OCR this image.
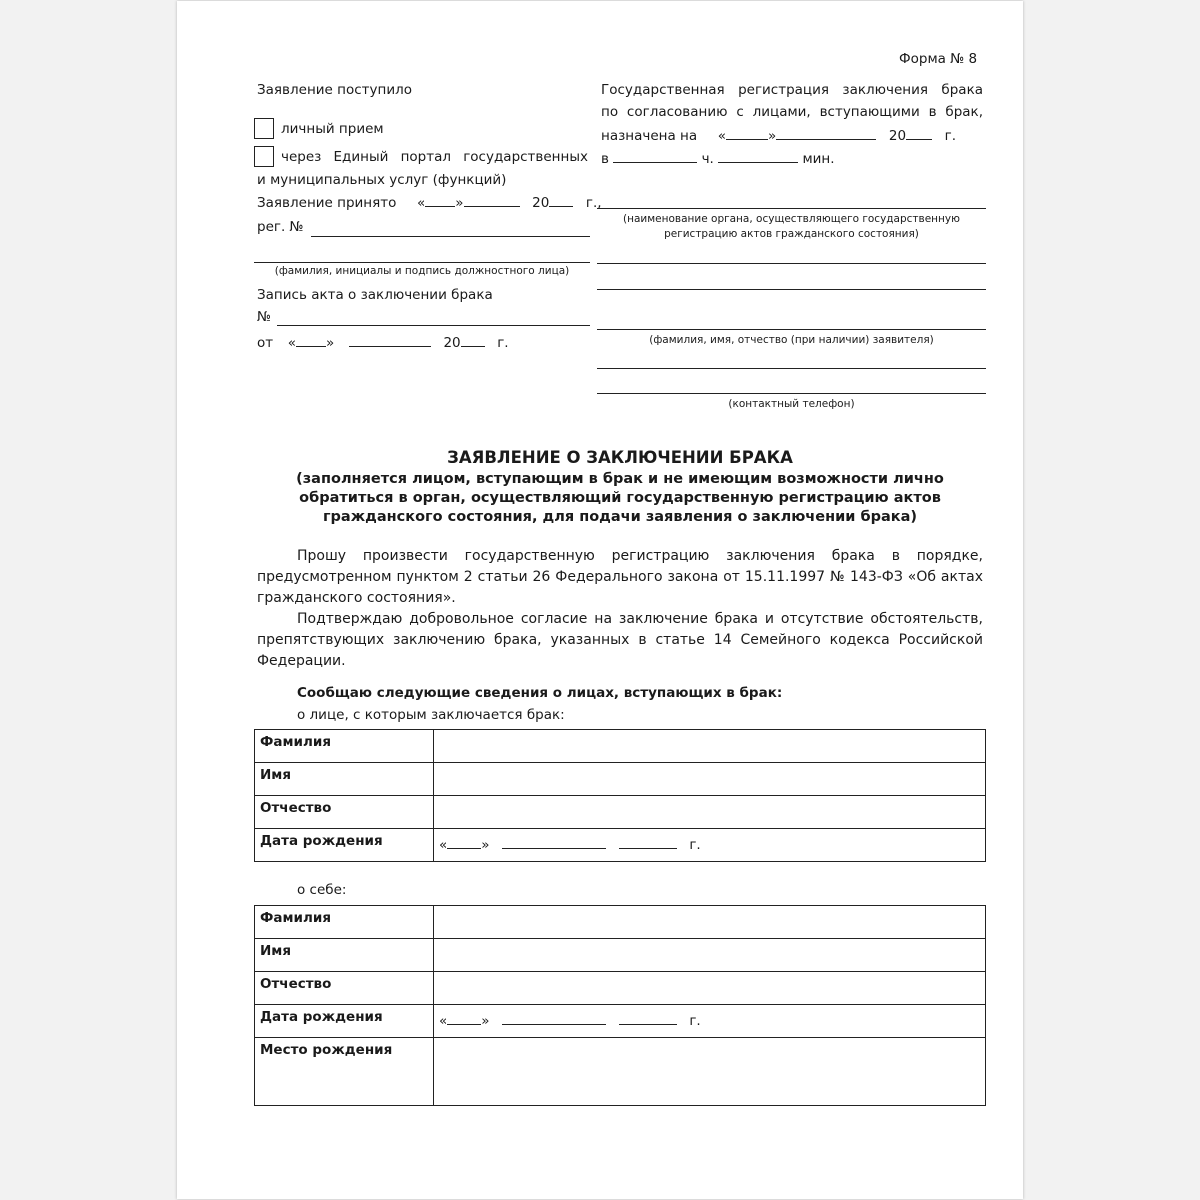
Форма № 8
Заявление поступило
личный прием
через Единый портал государственных
и муниципальных услуг (функций)
Заявление принято « »	20	г.,
рег. №
(фамилия, инициалы и подпись должностного лица)
Запись акта о заключении брака
№
от « »	20	г.
Государственная регистрация заключения брака
по согласованию с лицами, вступающими в брак,
назначена на «	»	20	г.
в	ч.	мин.
(наименование органа, осуществляющего государственную
регистрацию актов гражданского состояния)
(фамилия, имя, отчество (при наличии) заявителя)
(контактный телефон)
ЗАЯВЛЕНИЕ О ЗАКЛЮЧЕНИИ БРАКА
(заполняется лицом, вступающим в брак и не имеющим возможности лично
обратиться в орган, осуществляющий государственную регистрацию актов
гражданского состояния, для подачи заявления о заключении брака)
Прошу произвести государственную регистрацию заключения брака в порядке, предусмотренном пунктом 2 статьи 26 Федерального закона от 15.11.1997 № 143-ФЗ «Об актах гражданского состояния».
Подтверждаю добровольное согласие на заключение брака и отсутствие обстоятельств, препятствующих заключению брака, указанных в статье 14 Семейного кодекса Российской Федерации.
Сообщаю следующие сведения о лицах, вступающих в брак:
о лице, с которым заключается брак:
Фамилия	
Имя	
Отчество	
Дата рождения	« » г.
о себе:
Фамилия	
Имя	
Отчество	
Дата рождения	« » г.
Место рождения	
